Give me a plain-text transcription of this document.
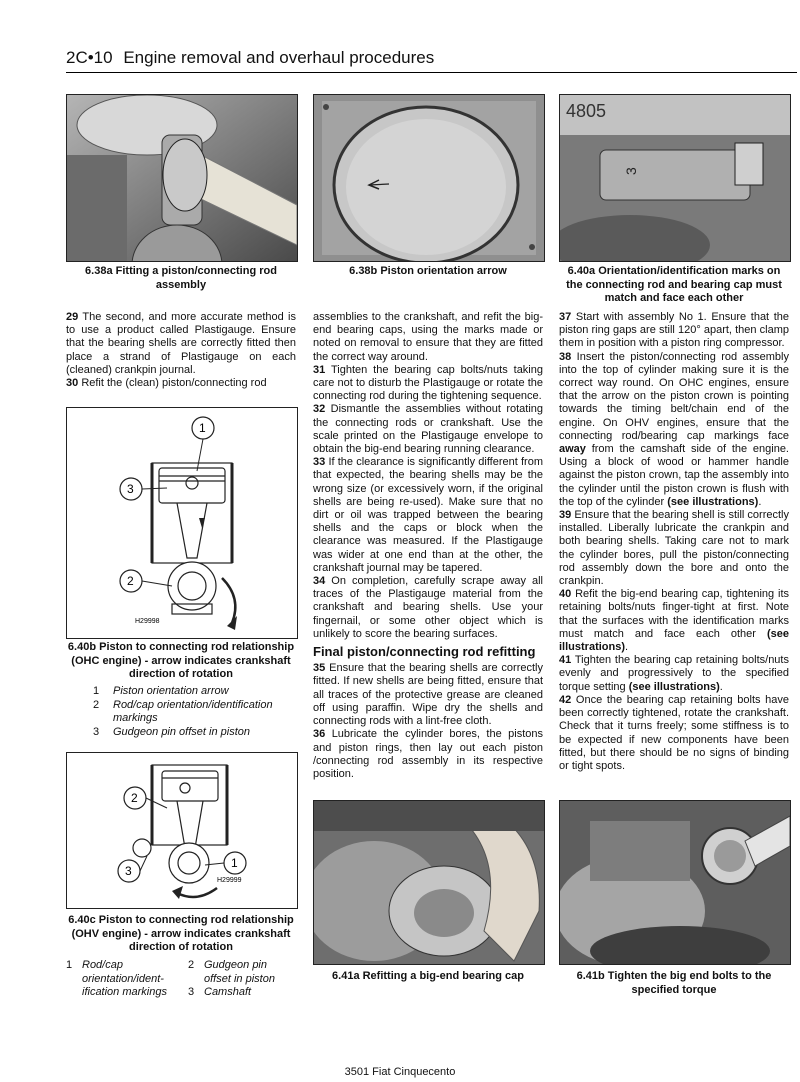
2C•10 Engine removal and overhaul procedures
6.38a Fitting a piston/connecting rod assembly
6.38b Piston orientation arrow
4805
3
6.40a Orientation/identification marks on the connecting rod and bearing cap must match and face each other

29 The second, and more accurate method is to use a product called Plastigauge. Ensure that the bearing shells are correctly fitted then place a strand of Plastigauge on each (cleaned) crankpin journal.

30 Refit the (clean) piston/connecting rod

1
2
3
H29998
6.40b Piston to connecting rod relationship (OHC engine) - arrow indicates crankshaft direction of rotation
1	Piston orientation arrow
2	Rod/cap orientation/identification markings
3	Gudgeon pin offset in piston
1
2
3
H29999
6.40c Piston to connecting rod relationship (OHV engine) - arrow indicates crankshaft direction of rotation
1 Rod/cap orientation/ident- ification markings
2 Gudgeon pin offset in piston
3 Camshaft

assemblies to the crankshaft, and refit the big-end bearing caps, using the marks made or noted on removal to ensure that they are fitted the correct way around.

31 Tighten the bearing cap bolts/nuts taking care not to disturb the Plastigauge or rotate the connecting rod during the tightening sequence.

32 Dismantle the assemblies without rotating the connecting rods or crankshaft. Use the scale printed on the Plastigauge envelope to obtain the big-end bearing running clearance.

33 If the clearance is significantly different from that expected, the bearing shells may be the wrong size (or excessively worn, if the original shells are being re-used). Make sure that no dirt or oil was trapped between the bearing shells and the caps or block when the clearance was measured. If the Plastigauge was wider at one end than at the other, the crankshaft journal may be tapered.

34 On completion, carefully scrape away all traces of the Plastigauge material from the crankshaft and bearing shells. Use your fingernail, or some other object which is unlikely to score the bearing surfaces.

Final piston/connecting rod refitting

35 Ensure that the bearing shells are correctly fitted. If new shells are being fitted, ensure that all traces of the protective grease are cleaned off using paraffin. Wipe dry the shells and connecting rods with a lint-free cloth.

36 Lubricate the cylinder bores, the pistons and piston rings, then lay out each piston /connecting rod assembly in its respective position.

37 Start with assembly No 1. Ensure that the piston ring gaps are still 120° apart, then clamp them in position with a piston ring compressor.

38 Insert the piston/connecting rod assembly into the top of cylinder making sure it is the correct way round. On OHC engines, ensure that the arrow on the piston crown is pointing towards the timing belt/chain end of the engine. On OHV engines, ensure that the connecting rod/bearing cap markings face away from the camshaft side of the engine. Using a block of wood or hammer handle against the piston crown, tap the assembly into the cylinder until the piston crown is flush with the top of the cylinder (see illustrations).

39 Ensure that the bearing shell is still correctly installed. Liberally lubricate the crankpin and both bearing shells. Taking care not to mark the cylinder bores, pull the piston/connecting rod assembly down the bore and onto the crankpin.

40 Refit the big-end bearing cap, tightening its retaining bolts/nuts finger-tight at first. Note that the surfaces with the identification marks must match and face each other (see illustrations).

41 Tighten the bearing cap retaining bolts/nuts evenly and progressively to the specified torque setting (see illustrations).

42 Once the bearing cap retaining bolts have been correctly tightened, rotate the crankshaft. Check that it turns freely; some stiffness is to be expected if new components have been fitted, but there should be no signs of binding or tight spots.

6.41a Refitting a big-end bearing cap	6.41b Tighten the big end bolts to the specified torque
3501 Fiat Cinquecento
